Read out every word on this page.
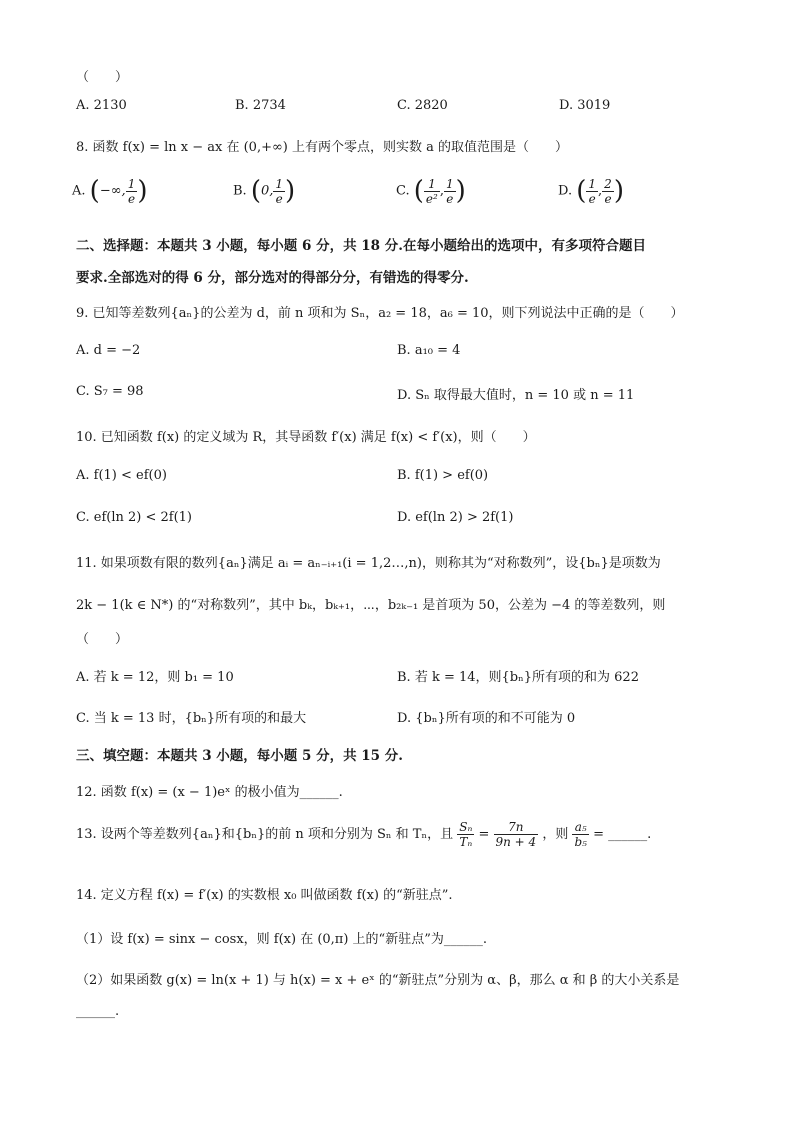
（　　）
A. 2130	B. 2734	C. 2820	D. 3019
8. 函数 f(x) = ln x − ax 在 (0,+∞) 上有两个零点，则实数 a 的取值范围是（　　）
A. (−∞, $\frac{1}{e}$ )	B. (0, $\frac{1}{e}$ )	C. ( $\frac{1}{\text{e²}}$ , $\frac{1}{e}$ )	D. ( $\frac{1}{e}$ , $\frac{2}{e}$ )
二、选择题：本题共 3 小题，每小题 6 分，共 18 分.在每小题给出的选项中，有多项符合题目
要求.全部选对的得 6 分，部分选对的得部分分，有错选的得零分.
9. 已知等差数列{aₙ}的公差为 d，前 n 项和为 Sₙ，a₂ = 18，a₆ = 10，则下列说法中正确的是（　　）
A. d = −2	B. a₁₀ = 4
C. S₇ = 98	D. Sₙ 取得最大值时，n = 10 或 n = 11
10. 已知函数 f(x) 的定义域为 R，其导函数 f′(x) 满足 f(x) < f′(x)，则（　　）
A. f(1) < ef(0)	B. f(1) > ef(0)
C. ef(ln 2) < 2f(1)	D. ef(ln 2) > 2f(1)
11. 如果项数有限的数列{aₙ}满足 aᵢ = aₙ₋ᵢ₊₁(i = 1,2…,n)，则称其为“对称数列”，设{bₙ}是项数为
2k − 1(k ∈ N*) 的“对称数列”，其中 bₖ，bₖ₊₁，⋯，b₂ₖ₋₁ 是首项为 50，公差为 −4 的等差数列，则
（　　）
A. 若 k = 12，则 b₁ = 10	B. 若 k = 14，则{bₙ}所有项的和为 622
C. 当 k = 13 时，{bₙ}所有项的和最大	D. {bₙ}所有项的和不可能为 0
三、填空题：本题共 3 小题，每小题 5 分，共 15 分.
12. 函数 f(x) = (x − 1)eˣ 的极小值为______.
13. 设两个等差数列{aₙ}和{bₙ}的前 n 项和分别为 Sₙ 和 Tₙ，且 $\frac{\text{Sₙ}}{\text{Tₙ}} = \frac{7n}{9n + 4}$ ，则 $\frac{\text{a₅}}{\text{b₅}}$ = ______.
14. 定义方程 f(x) = f′(x) 的实数根 x₀ 叫做函数 f(x) 的“新驻点”.
（1）设 f(x) = sinx − cosx，则 f(x) 在 (0,π) 上的“新驻点”为______.
（2）如果函数 g(x) = ln(x + 1) 与 h(x) = x + eˣ 的“新驻点”分别为 α、β，那么 α 和 β 的大小关系是
______.
